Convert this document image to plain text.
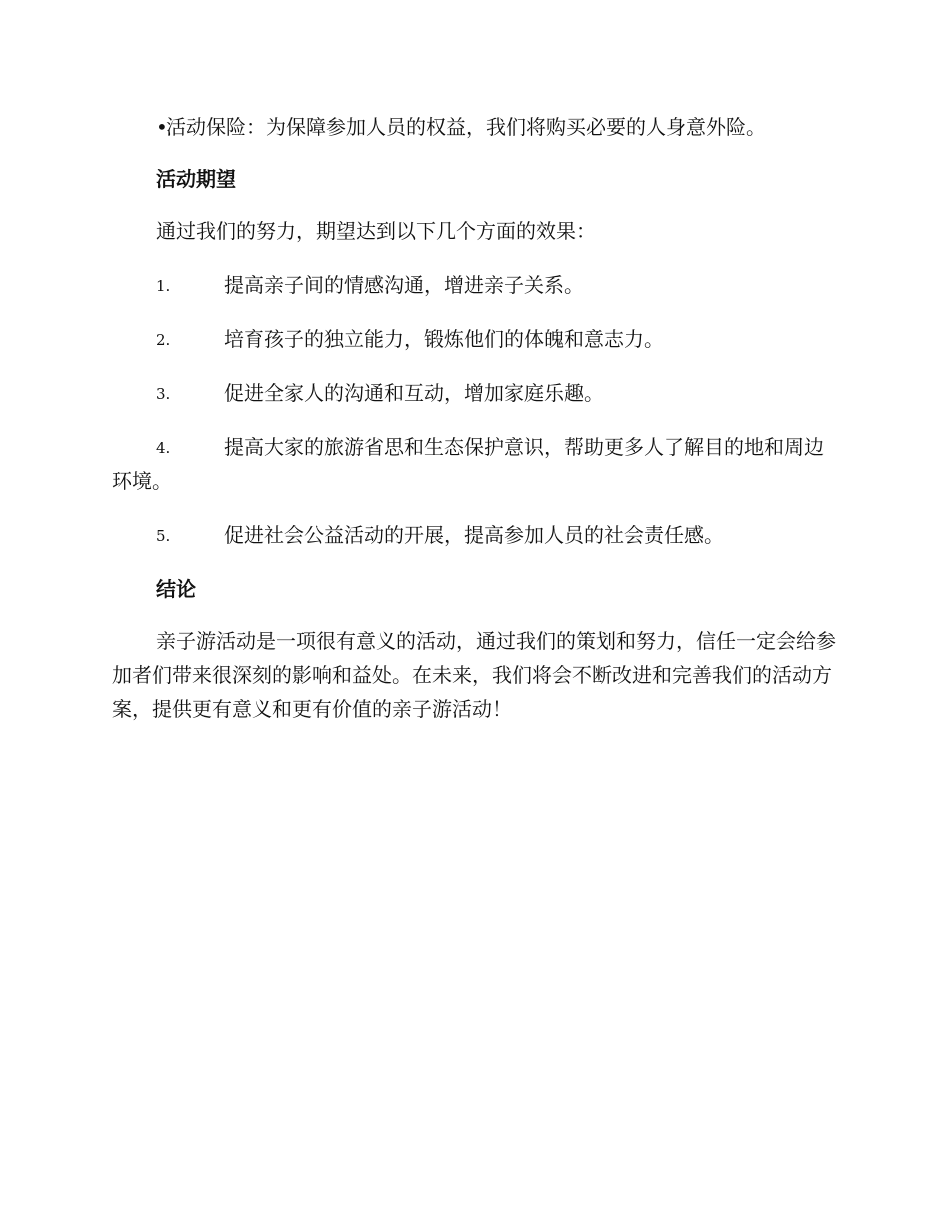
•活动保险：为保障参加人员的权益，我们将购买必要的人身意外险。

活动期望

通过我们的努力，期望达到以下几个方面的效果：

1.	提高亲子间的情感沟通，增进亲子关系。
2.	培育孩子的独立能力，锻炼他们的体魄和意志力。
3.	促进全家人的沟通和互动，增加家庭乐趣。
4.	提高大家的旅游省思和生态保护意识，帮助更多人了解目的地和周边环境。
5.	促进社会公益活动的开展，提高参加人员的社会责任感。
结论

亲子游活动是一项很有意义的活动，通过我们的策划和努力，信任一定会给参加者们带来很深刻的影响和益处。在未来，我们将会不断改进和完善我们的活动方案，提供更有意义和更有价值的亲子游活动！
